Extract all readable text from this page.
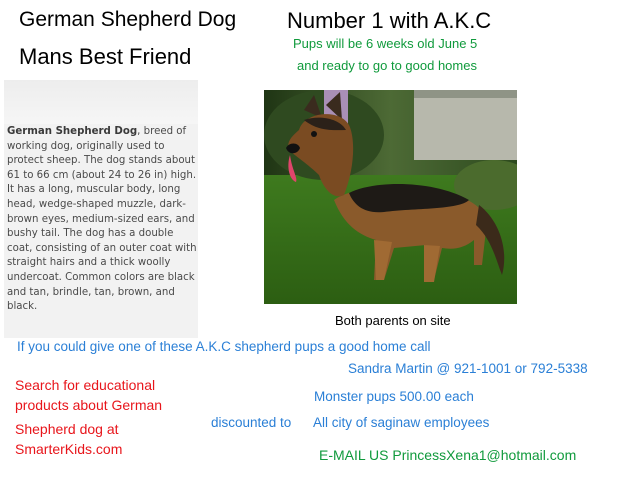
German Shepherd Dog Number 1 with A.K.C
Mans Best Friend
Pups will be 6 weeks old June 5
and ready to go to good homes
German Shepherd Dog, breed of working dog, originally used to protect sheep. The dog stands about 61 to 66 cm (about 24 to 26 in) high. It has a long, muscular body, long head, wedge-shaped muzzle, dark-brown eyes, medium-sized ears, and bushy tail. The dog has a double coat, consisting of an outer coat with straight hairs and a thick woolly undercoat. Common colors are black and tan, brindle, tan, brown, and black.
Both parents on site
If you could give one of these A.K.C shepherd pups a good home call
Sandra Martin @ 921-1001 or 792-5338
Monster pups 500.00 each
discounted to All city of saginaw employees
Search for educational
products about German
Shepherd dog at
SmarterKids.com	E-MAIL US PrincessXena1@hotmail.com
